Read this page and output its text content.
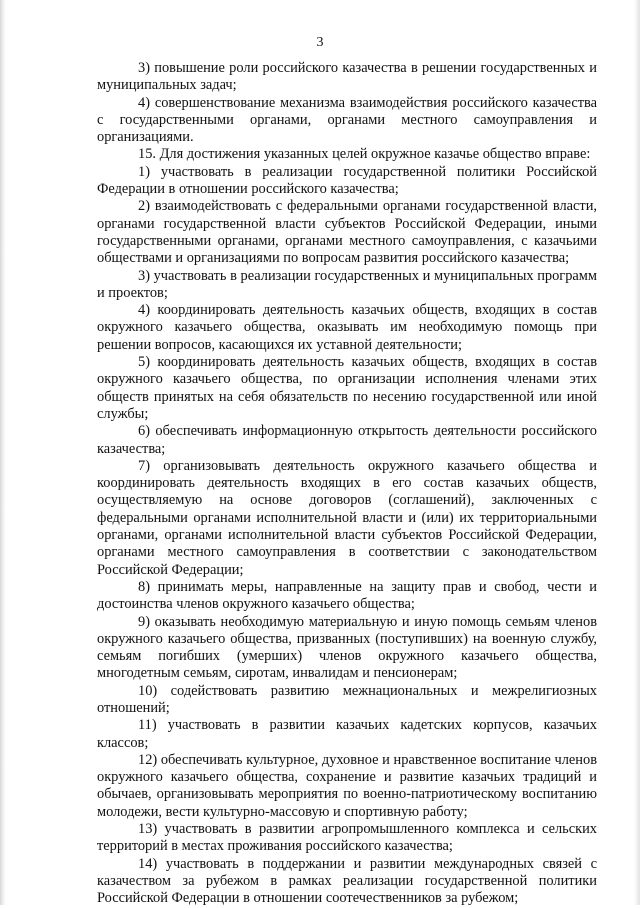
3

3) повышение роли российского казачества в решении государственных и муниципальных задач;

4) совершенствование механизма взаимодействия российского казачества с государственными органами, органами местного самоуправления и организациями.

15. Для достижения указанных целей окружное казачье общество вправе:

1) участвовать в реализации государственной политики Российской Федерации в отношении российского казачества;

2) взаимодействовать с федеральными органами государственной власти, органами государственной власти субъектов Российской Федерации, иными государственными органами, органами местного самоуправления, с казачьими обществами и организациями по вопросам развития российского казачества;

3) участвовать в реализации государственных и муниципальных программ и проектов;

4) координировать деятельность казачьих обществ, входящих в состав окружного казачьего общества, оказывать им необходимую помощь при решении вопросов, касающихся их уставной деятельности;

5) координировать деятельность казачьих обществ, входящих в состав окружного казачьего общества, по организации исполнения членами этих обществ принятых на себя обязательств по несению государственной или иной службы;

6) обеспечивать информационную открытость деятельности российского казачества;

7) организовывать деятельность окружного казачьего общества и координировать деятельность входящих в его состав казачьих обществ, осуществляемую на основе договоров (соглашений), заключенных с федеральными органами исполнительной власти и (или) их территориальными органами, органами исполнительной власти субъектов Российской Федерации, органами местного самоуправления в соответствии с законодательством Российской Федерации;

8) принимать меры, направленные на защиту прав и свобод, чести и достоинства членов окружного казачьего общества;

9) оказывать необходимую материальную и иную помощь семьям членов окружного казачьего общества, призванных (поступивших) на военную службу, семьям погибших (умерших) членов окружного казачьего общества, многодетным семьям, сиротам, инвалидам и пенсионерам;

10) содействовать развитию межнациональных и межрелигиозных отношений;

11) участвовать в развитии казачьих кадетских корпусов, казачьих классов;

12) обеспечивать культурное, духовное и нравственное воспитание членов окружного казачьего общества, сохранение и развитие казачьих традиций и обычаев, организовывать мероприятия по военно-патриотическому воспитанию молодежи, вести культурно-массовую и спортивную работу;

13) участвовать в развитии агропромышленного комплекса и сельских территорий в местах проживания российского казачества;

14) участвовать в поддержании и развитии международных связей с казачеством за рубежом в рамках реализации государственной политики Российской Федерации в отношении соотечественников за рубежом;
